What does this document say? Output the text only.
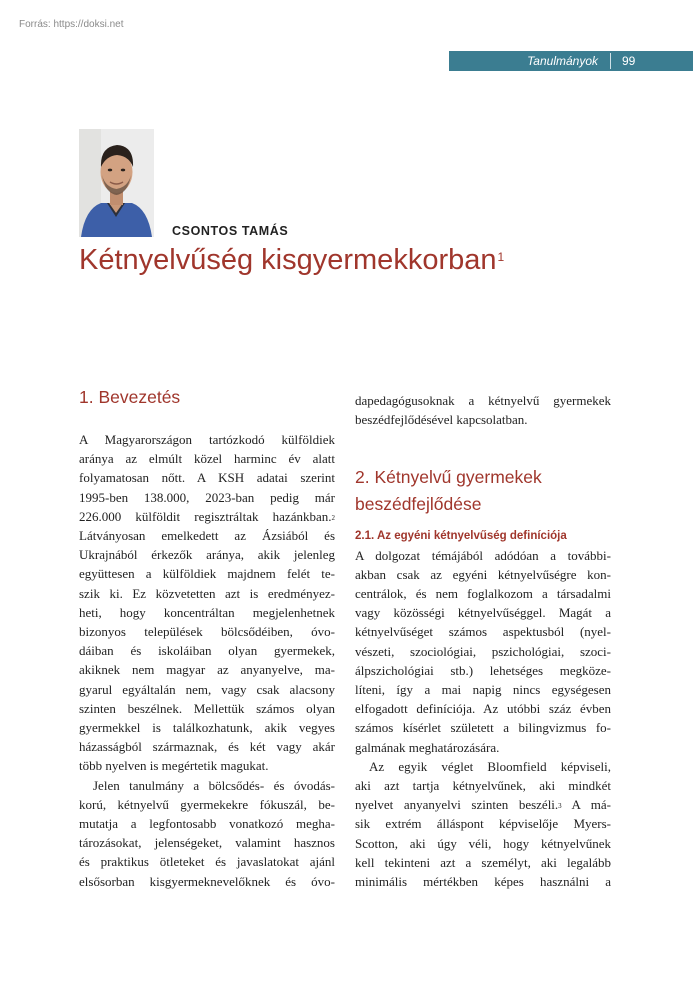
Forrás: https://doksi.net
Tanulmányok 99
CSONTOS TAMÁS
Kétnyelvűség kisgyermekkorban$^1$
1. Bevezetés
A Magyarországon tartózkodó külföldiek
aránya az elmúlt közel harminc év alatt
folyamatosan nőtt. A KSH adatai szerint
1995-ben 138.000, 2023-ban pedig már
226.000 külföldit regisztráltak hazánkban.$^2$
Látványosan emelkedett az Ázsiából és
Ukrajnából érkezők aránya, akik jelenleg
együttesen a külföldiek majdnem felét te-
szik ki. Ez közvetetten azt is eredményez-
heti, hogy koncentráltan megjelenhetnek
bizonyos települések bölcsődéiben, óvo-
dáiban és iskoláiban olyan gyermekek,
akiknek nem magyar az anyanyelve, ma-
gyarul egyáltalán nem, vagy csak alacsony
szinten beszélnek. Mellettük számos olyan
gyermekkel is találkozhatunk, akik vegyes
házasságból származnak, és két vagy akár
több nyelven is megértetik magukat.
Jelen tanulmány a bölcsődés- és óvodás-
korú, kétnyelvű gyermekekre fókuszál, be-
mutatja a legfontosabb vonatkozó megha-
tározásokat, jelenségeket, valamint hasznos
és praktikus ötleteket és javaslatokat ajánl
elsősorban kisgyermeknevelőknek és óvo-
dapedagógusoknak a kétnyelvű gyermekek
beszédfejlődésével kapcsolatban.
2. Kétnyelvű gyermekek
beszédfejlődése
2.1. Az egyéni kétnyelvűség definíciója
A dolgozat témájából adódóan a további-
akban csak az egyéni kétnyelvűségre kon-
centrálok, és nem foglalkozom a társadalmi
vagy közösségi kétnyelvűséggel. Magát a
kétnyelvűséget számos aspektusból (nyel-
vészeti, szociológiai, pszichológiai, szoci-
álpszichológiai stb.) lehetséges megköze-
líteni, így a mai napig nincs egységesen
elfogadott definíciója. Az utóbbi száz évben
számos kísérlet született a bilingvizmus fo-
galmának meghatározására.
Az egyik véglet Bloomfield képviseli,
aki azt tartja kétnyelvűnek, aki mindkét
nyelvet anyanyelvi szinten beszéli.$^3$ A má-
sik extrém álláspont képviselője Myers-
Scotton, aki úgy véli, hogy kétnyelvűnek
kell tekinteni azt a személyt, aki legalább
minimális mértékben képes használni a
